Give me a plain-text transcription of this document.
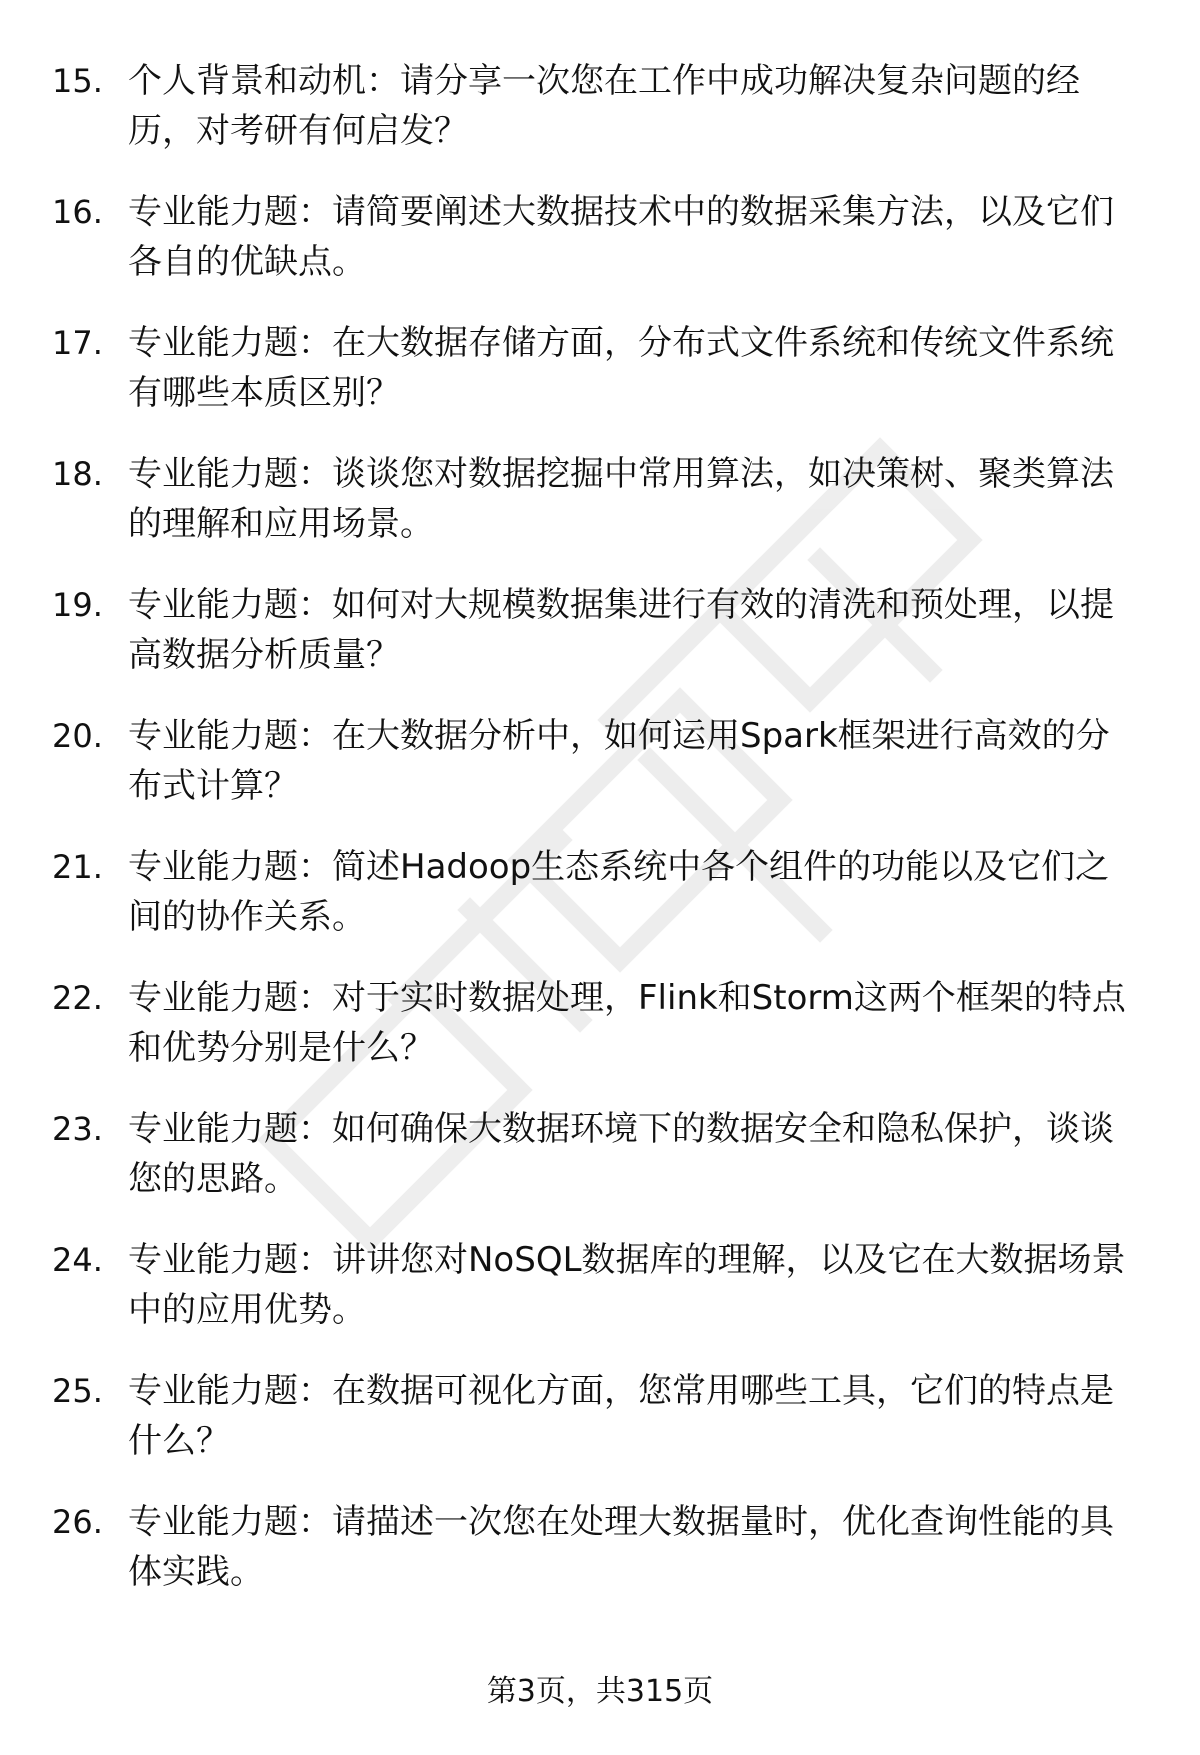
15. 个人背景和动机：请分享一次您在工作中成功解决复杂问题的经历，对考研有何启发？
16. 专业能力题：请简要阐述大数据技术中的数据采集方法，以及它们各自的优缺点。
17. 专业能力题：在大数据存储方面，分布式文件系统和传统文件系统有哪些本质区别？
18. 专业能力题：谈谈您对数据挖掘中常用算法，如决策树、聚类算法的理解和应用场景。
19. 专业能力题：如何对大规模数据集进行有效的清洗和预处理，以提高数据分析质量？
20. 专业能力题：在大数据分析中，如何运用Spark框架进行高效的分布式计算？
21. 专业能力题：简述Hadoop生态系统中各个组件的功能以及它们之间的协作关系。
22. 专业能力题：对于实时数据处理，Flink和Storm这两个框架的特点和优势分别是什么？
23. 专业能力题：如何确保大数据环境下的数据安全和隐私保护，谈谈您的思路。
24. 专业能力题：讲讲您对NoSQL数据库的理解，以及它在大数据场景中的应用优势。
25. 专业能力题：在数据可视化方面，您常用哪些工具，它们的特点是什么？
26. 专业能力题：请描述一次您在处理大数据量时，优化查询性能的具体实践。
第3页，共315页
